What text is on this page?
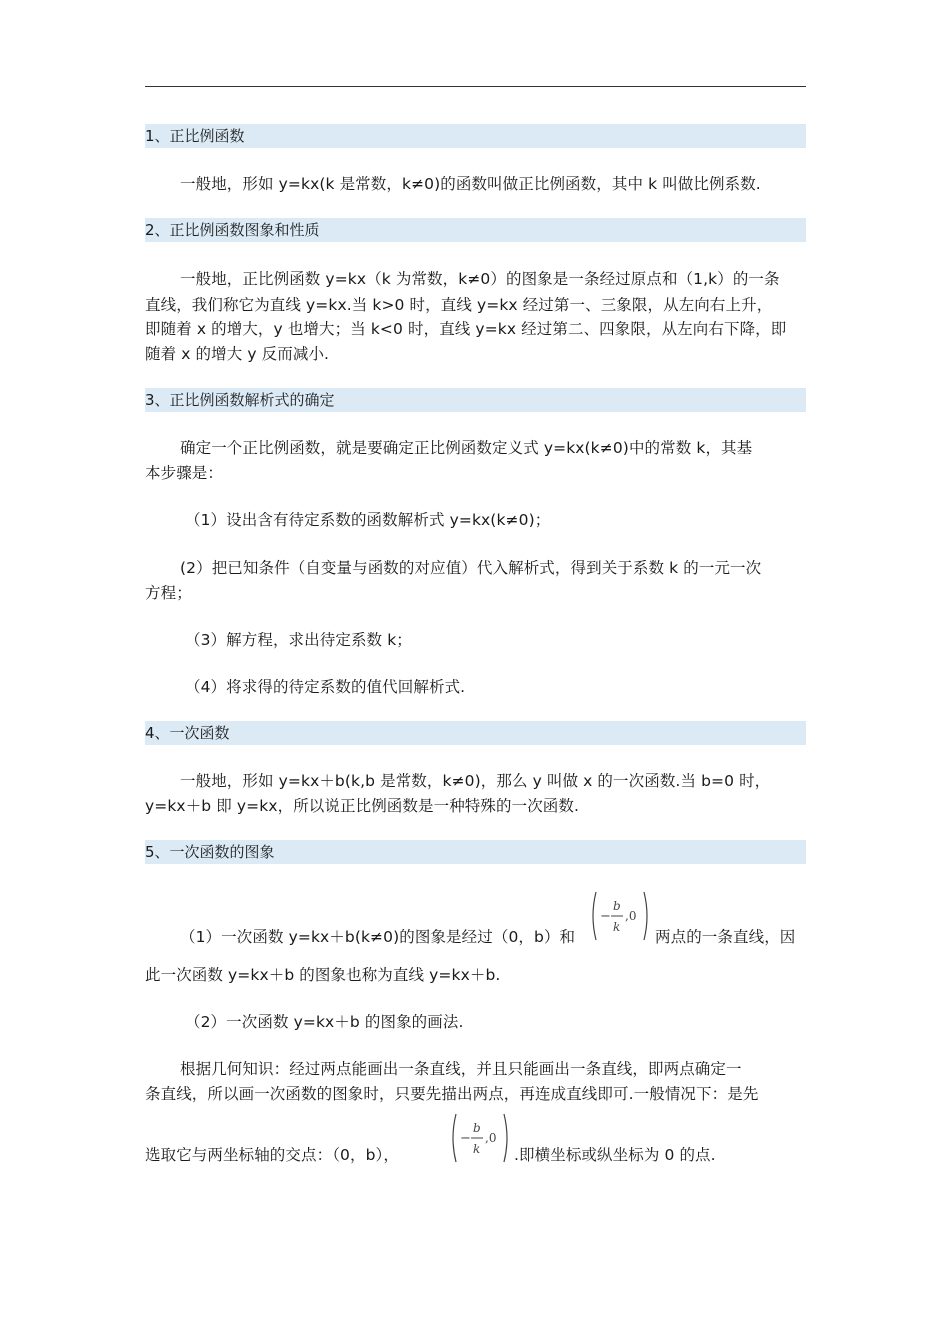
1、正比例函数
一般地，形如 y=kx(k 是常数，k≠0)的函数叫做正比例函数，其中 k 叫做比例系数.
2、正比例函数图象和性质
一般地，正比例函数 y=kx（k 为常数，k≠0）的图象是一条经过原点和（1,k）的一条
直线，我们称它为直线 y=kx.当 k>0 时，直线 y=kx 经过第一、三象限，从左向右上升，
即随着 x 的增大，y 也增大；当 k<0 时，直线 y=kx 经过第二、四象限，从左向右下降，即
随着 x 的增大 y 反而减小.
3、正比例函数解析式的确定
确定一个正比例函数，就是要确定正比例函数定义式 y=kx(k≠0)中的常数 k，其基
本步骤是：
（1）设出含有待定系数的函数解析式 y=kx(k≠0)；
(2）把已知条件（自变量与函数的对应值）代入解析式，得到关于系数 k 的一元一次
方程；
（3）解方程，求出待定系数 k；
（4）将求得的待定系数的值代回解析式.
4、一次函数
一般地，形如 y=kx＋b(k,b 是常数，k≠0)，那么 y 叫做 x 的一次函数.当 b=0 时，
y=kx＋b 即 y=kx，所以说正比例函数是一种特殊的一次函数.
5、一次函数的图象
（1）一次函数 y=kx＋b(k≠0)的图象是经过（0，b）和
−
b
k
,0
两点的一条直线，因
此一次函数 y=kx＋b 的图象也称为直线 y=kx＋b.
（2）一次函数 y=kx＋b 的图象的画法.
根据几何知识：经过两点能画出一条直线，并且只能画出一条直线，即两点确定一
条直线，所以画一次函数的图象时，只要先描出两点，再连成直线即可.一般情况下：是先
选取它与两坐标轴的交点：（0，b），
−
b
k
,0
.即横坐标或纵坐标为 0 的点.
